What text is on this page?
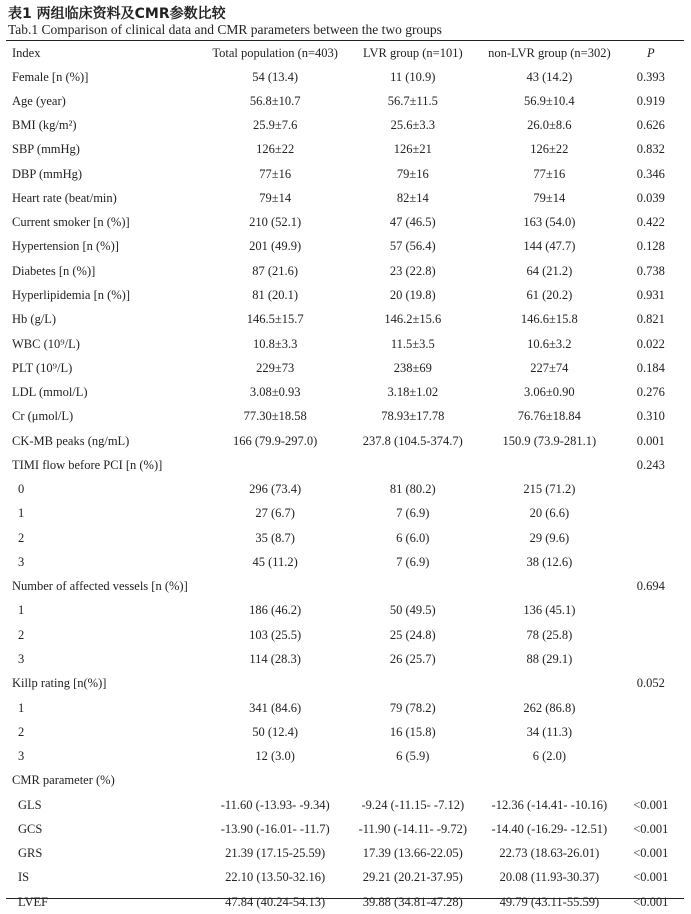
表1 两组临床资料及CMR参数比较
Tab.1 Comparison of clinical data and CMR parameters between the two groups
Index	Total population (n=403)	LVR group (n=101)	non-LVR group (n=302)	P
Female [n (%)]	54 (13.4)	11 (10.9)	43 (14.2)	0.393
Age (year)	56.8±10.7	56.7±11.5	56.9±10.4	0.919
BMI (kg/m²)	25.9±7.6	25.6±3.3	26.0±8.6	0.626
SBP (mmHg)	126±22	126±21	126±22	0.832
DBP (mmHg)	77±16	79±16	77±16	0.346
Heart rate (beat/min)	79±14	82±14	79±14	0.039
Current smoker [n (%)]	210 (52.1)	47 (46.5)	163 (54.0)	0.422
Hypertension [n (%)]	201 (49.9)	57 (56.4)	144 (47.7)	0.128
Diabetes [n (%)]	87 (21.6)	23 (22.8)	64 (21.2)	0.738
Hyperlipidemia [n (%)]	81 (20.1)	20 (19.8)	61 (20.2)	0.931
Hb (g/L)	146.5±15.7	146.2±15.6	146.6±15.8	0.821
WBC (10⁹/L)	10.8±3.3	11.5±3.5	10.6±3.2	0.022
PLT (10⁹/L)	229±73	238±69	227±74	0.184
LDL (mmol/L)	3.08±0.93	3.18±1.02	3.06±0.90	0.276
Cr (μmol/L)	77.30±18.58	78.93±17.78	76.76±18.84	0.310
CK-MB peaks (ng/mL)	166 (79.9-297.0)	237.8 (104.5-374.7)	150.9 (73.9-281.1)	0.001
TIMI flow before PCI [n (%)]				0.243
0	296 (73.4)	81 (80.2)	215 (71.2)	
1	27 (6.7)	7 (6.9)	20 (6.6)	
2	35 (8.7)	6 (6.0)	29 (9.6)	
3	45 (11.2)	7 (6.9)	38 (12.6)	
Number of affected vessels [n (%)]				0.694
1	186 (46.2)	50 (49.5)	136 (45.1)	
2	103 (25.5)	25 (24.8)	78 (25.8)	
3	114 (28.3)	26 (25.7)	88 (29.1)	
Killp rating [n(%)]				0.052
1	341 (84.6)	79 (78.2)	262 (86.8)	
2	50 (12.4)	16 (15.8)	34 (11.3)	
3	12 (3.0)	6 (5.9)	6 (2.0)	
CMR parameter (%)				
GLS	-11.60 (-13.93- -9.34)	-9.24 (-11.15- -7.12)	-12.36 (-14.41- -10.16)	<0.001
GCS	-13.90 (-16.01- -11.7)	-11.90 (-14.11- -9.72)	-14.40 (-16.29- -12.51)	<0.001
GRS	21.39 (17.15-25.59)	17.39 (13.66-22.05)	22.73 (18.63-26.01)	<0.001
IS	22.10 (13.50-32.16)	29.21 (20.21-37.95)	20.08 (11.93-30.37)	<0.001
LVEF	47.84 (40.24-54.13)	39.88 (34.81-47.28)	49.79 (43.11-55.59)	<0.001
